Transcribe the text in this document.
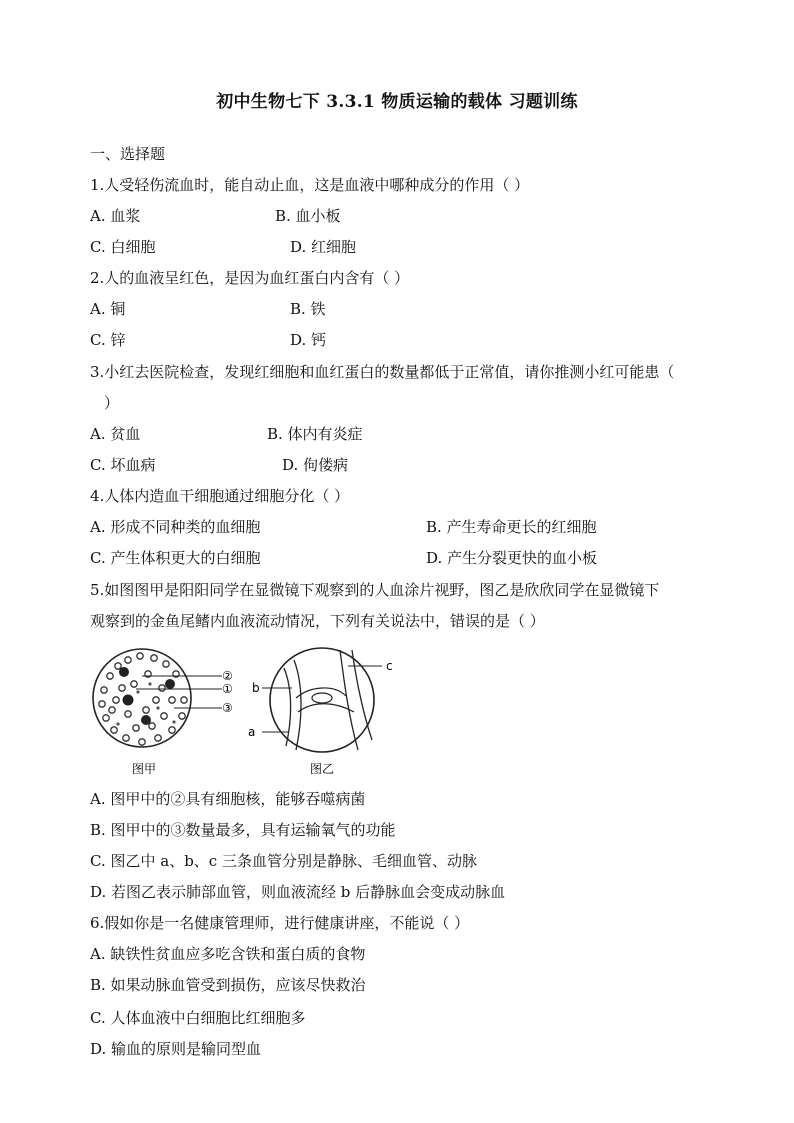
初中生物七下 3.3.1 物质运输的载体 习题训练
一、选择题
1.人受轻伤流血时，能自动止血，这是血液中哪种成分的作用（ ）
A. 血浆	B. 血小板
C. 白细胞	D. 红细胞
2.人的血液呈红色，是因为血红蛋白内含有（ ）
A. 铜	B. 铁
C. 锌	D. 钙
3.小红去医院检查，发现红细胞和血红蛋白的数量都低于正常值，请你推测小红可能患（
）
A. 贫血	B. 体内有炎症
C. 坏血病	D. 佝偻病
4.人体内造血干细胞通过细胞分化（ ）
A. 形成不同种类的血细胞	B. 产生寿命更长的红细胞
C. 产生体积更大的白细胞	D. 产生分裂更快的血小板
5.如图图甲是阳阳同学在显微镜下观察到的人血涂片视野，图乙是欣欣同学在显微镜下
观察到的金鱼尾鳍内血液流动情况，下列有关说法中，错误的是（ ）
②
①
③
图甲
b
a
c
图乙
A. 图甲中的②具有细胞核，能够吞噬病菌
B. 图甲中的③数量最多，具有运输氧气的功能
C. 图乙中 a、b、c 三条血管分别是静脉、毛细血管、动脉
D. 若图乙表示肺部血管，则血液流经 b 后静脉血会变成动脉血
6.假如你是一名健康管理师，进行健康讲座，不能说（ ）
A. 缺铁性贫血应多吃含铁和蛋白质的食物
B. 如果动脉血管受到损伤，应该尽快救治
C. 人体血液中白细胞比红细胞多
D. 输血的原则是输同型血
